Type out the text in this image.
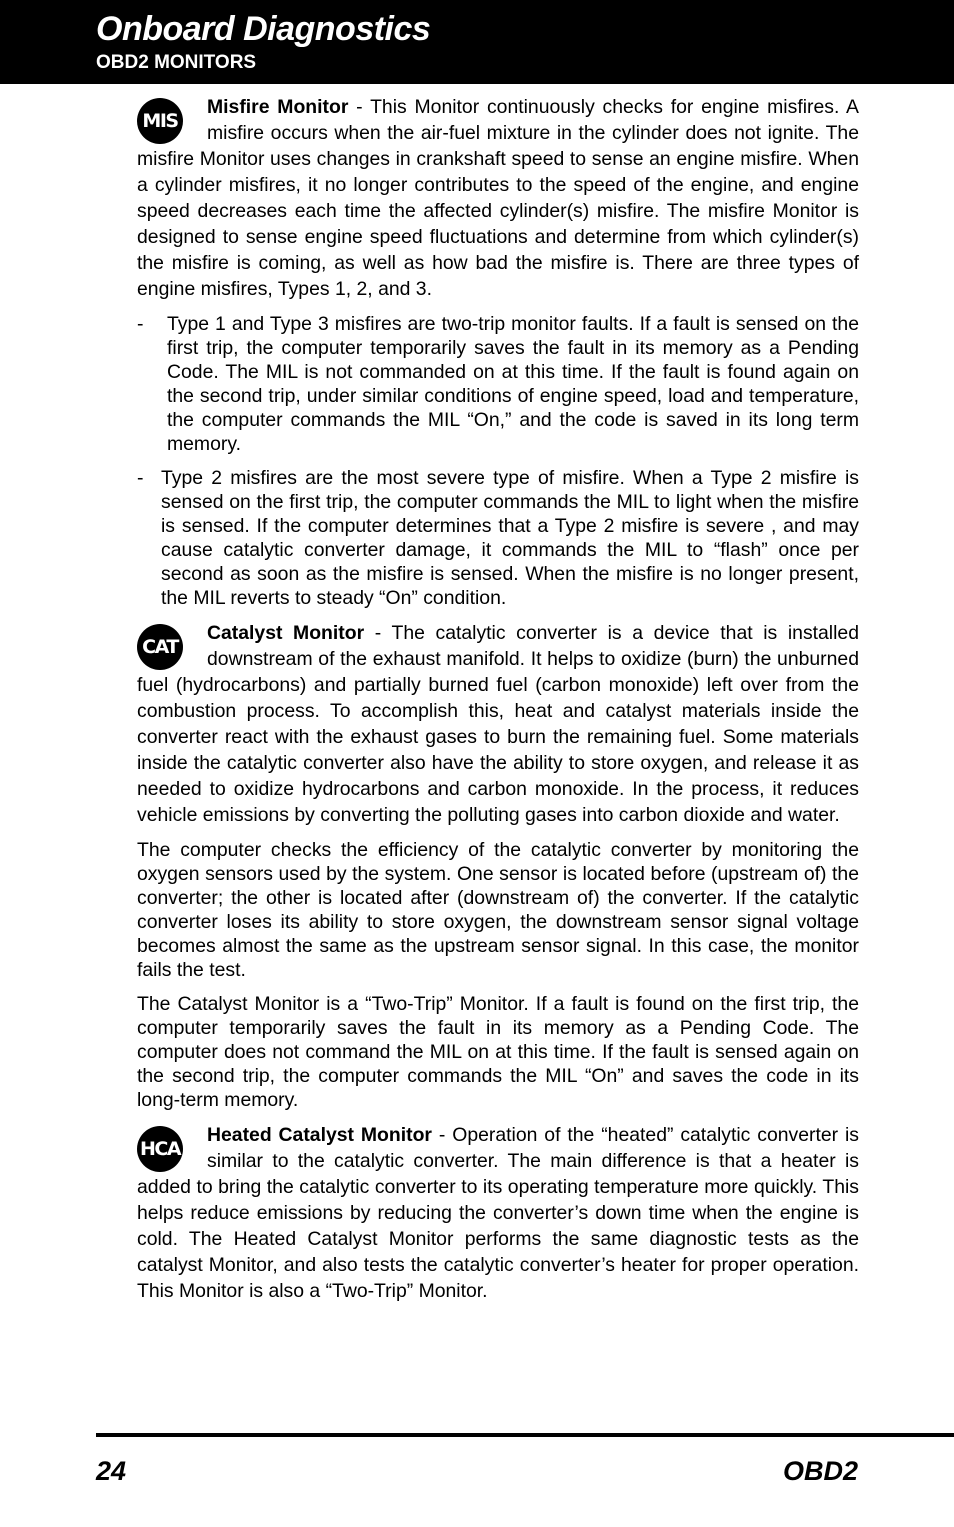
Onboard Diagnostics
OBD2 MONITORS

MIS
Misfire Monitor - This Monitor continuously checks for engine misfires. A misfire occurs when the air-fuel mixture in the cylinder does not ignite. The misfire Monitor uses changes in crankshaft speed to sense an engine misfire. When a cylinder misfires, it no longer contributes to the speed of the engine, and engine speed decreases each time the affected cylinder(s) misfire. The misfire Monitor is designed to sense engine speed fluctuations and determine from which cylinder(s) the misfire is coming, as well as how bad the misfire is. There are three types of engine misfires, Types 1, 2, and 3.

- Type 1 and Type 3 misfires are two-trip monitor faults. If a fault is sensed on the first trip, the computer temporarily saves the fault in its memory as a Pending Code. The MIL is not commanded on at this time. If the fault is found again on the second trip, under similar conditions of engine speed, load and temperature, the computer commands the MIL “On,” and the code is saved in its long term memory.
- Type 2 misfires are the most severe type of misfire. When a Type 2 misfire is sensed on the first trip, the computer commands the MIL to light when the misfire is sensed. If the computer determines that a Type 2 misfire is severe , and may cause catalytic converter damage, it commands the MIL to “flash” once per second as soon as the misfire is sensed. When the misfire is no longer present, the MIL reverts to steady “On” condition.

CAT
Catalyst Monitor - The catalytic converter is a device that is installed downstream of the exhaust manifold. It helps to oxidize (burn) the unburned fuel (hydrocarbons) and partially burned fuel (carbon monoxide) left over from the combustion process. To accomplish this, heat and catalyst materials inside the converter react with the exhaust gases to burn the remaining fuel. Some materials inside the catalytic converter also have the ability to store oxygen, and release it as needed to oxidize hydrocarbons and carbon monoxide. In the process, it reduces vehicle emissions by converting the polluting gases into carbon dioxide and water.

The computer checks the efficiency of the catalytic converter by monitoring the oxygen sensors used by the system. One sensor is located before (upstream of) the converter; the other is located after (downstream of) the converter. If the catalytic converter loses its ability to store oxygen, the downstream sensor signal voltage becomes almost the same as the upstream sensor signal. In this case, the monitor fails the test.

The Catalyst Monitor is a “Two-Trip” Monitor. If a fault is found on the first trip, the computer temporarily saves the fault in its memory as a Pending Code. The computer does not command the MIL on at this time. If the fault is sensed again on the second trip, the computer commands the MIL “On” and saves the code in its long-term memory.

HCA
Heated Catalyst Monitor - Operation of the “heated” catalytic converter is similar to the catalytic converter. The main difference is that a heater is added to bring the catalytic converter to its operating temperature more quickly. This helps reduce emissions by reducing the converter’s down time when the engine is cold. The Heated Catalyst Monitor performs the same diagnostic tests as the catalyst Monitor, and also tests the catalytic converter’s heater for proper operation. This Monitor is also a “Two-Trip” Monitor.

24	OBD2
